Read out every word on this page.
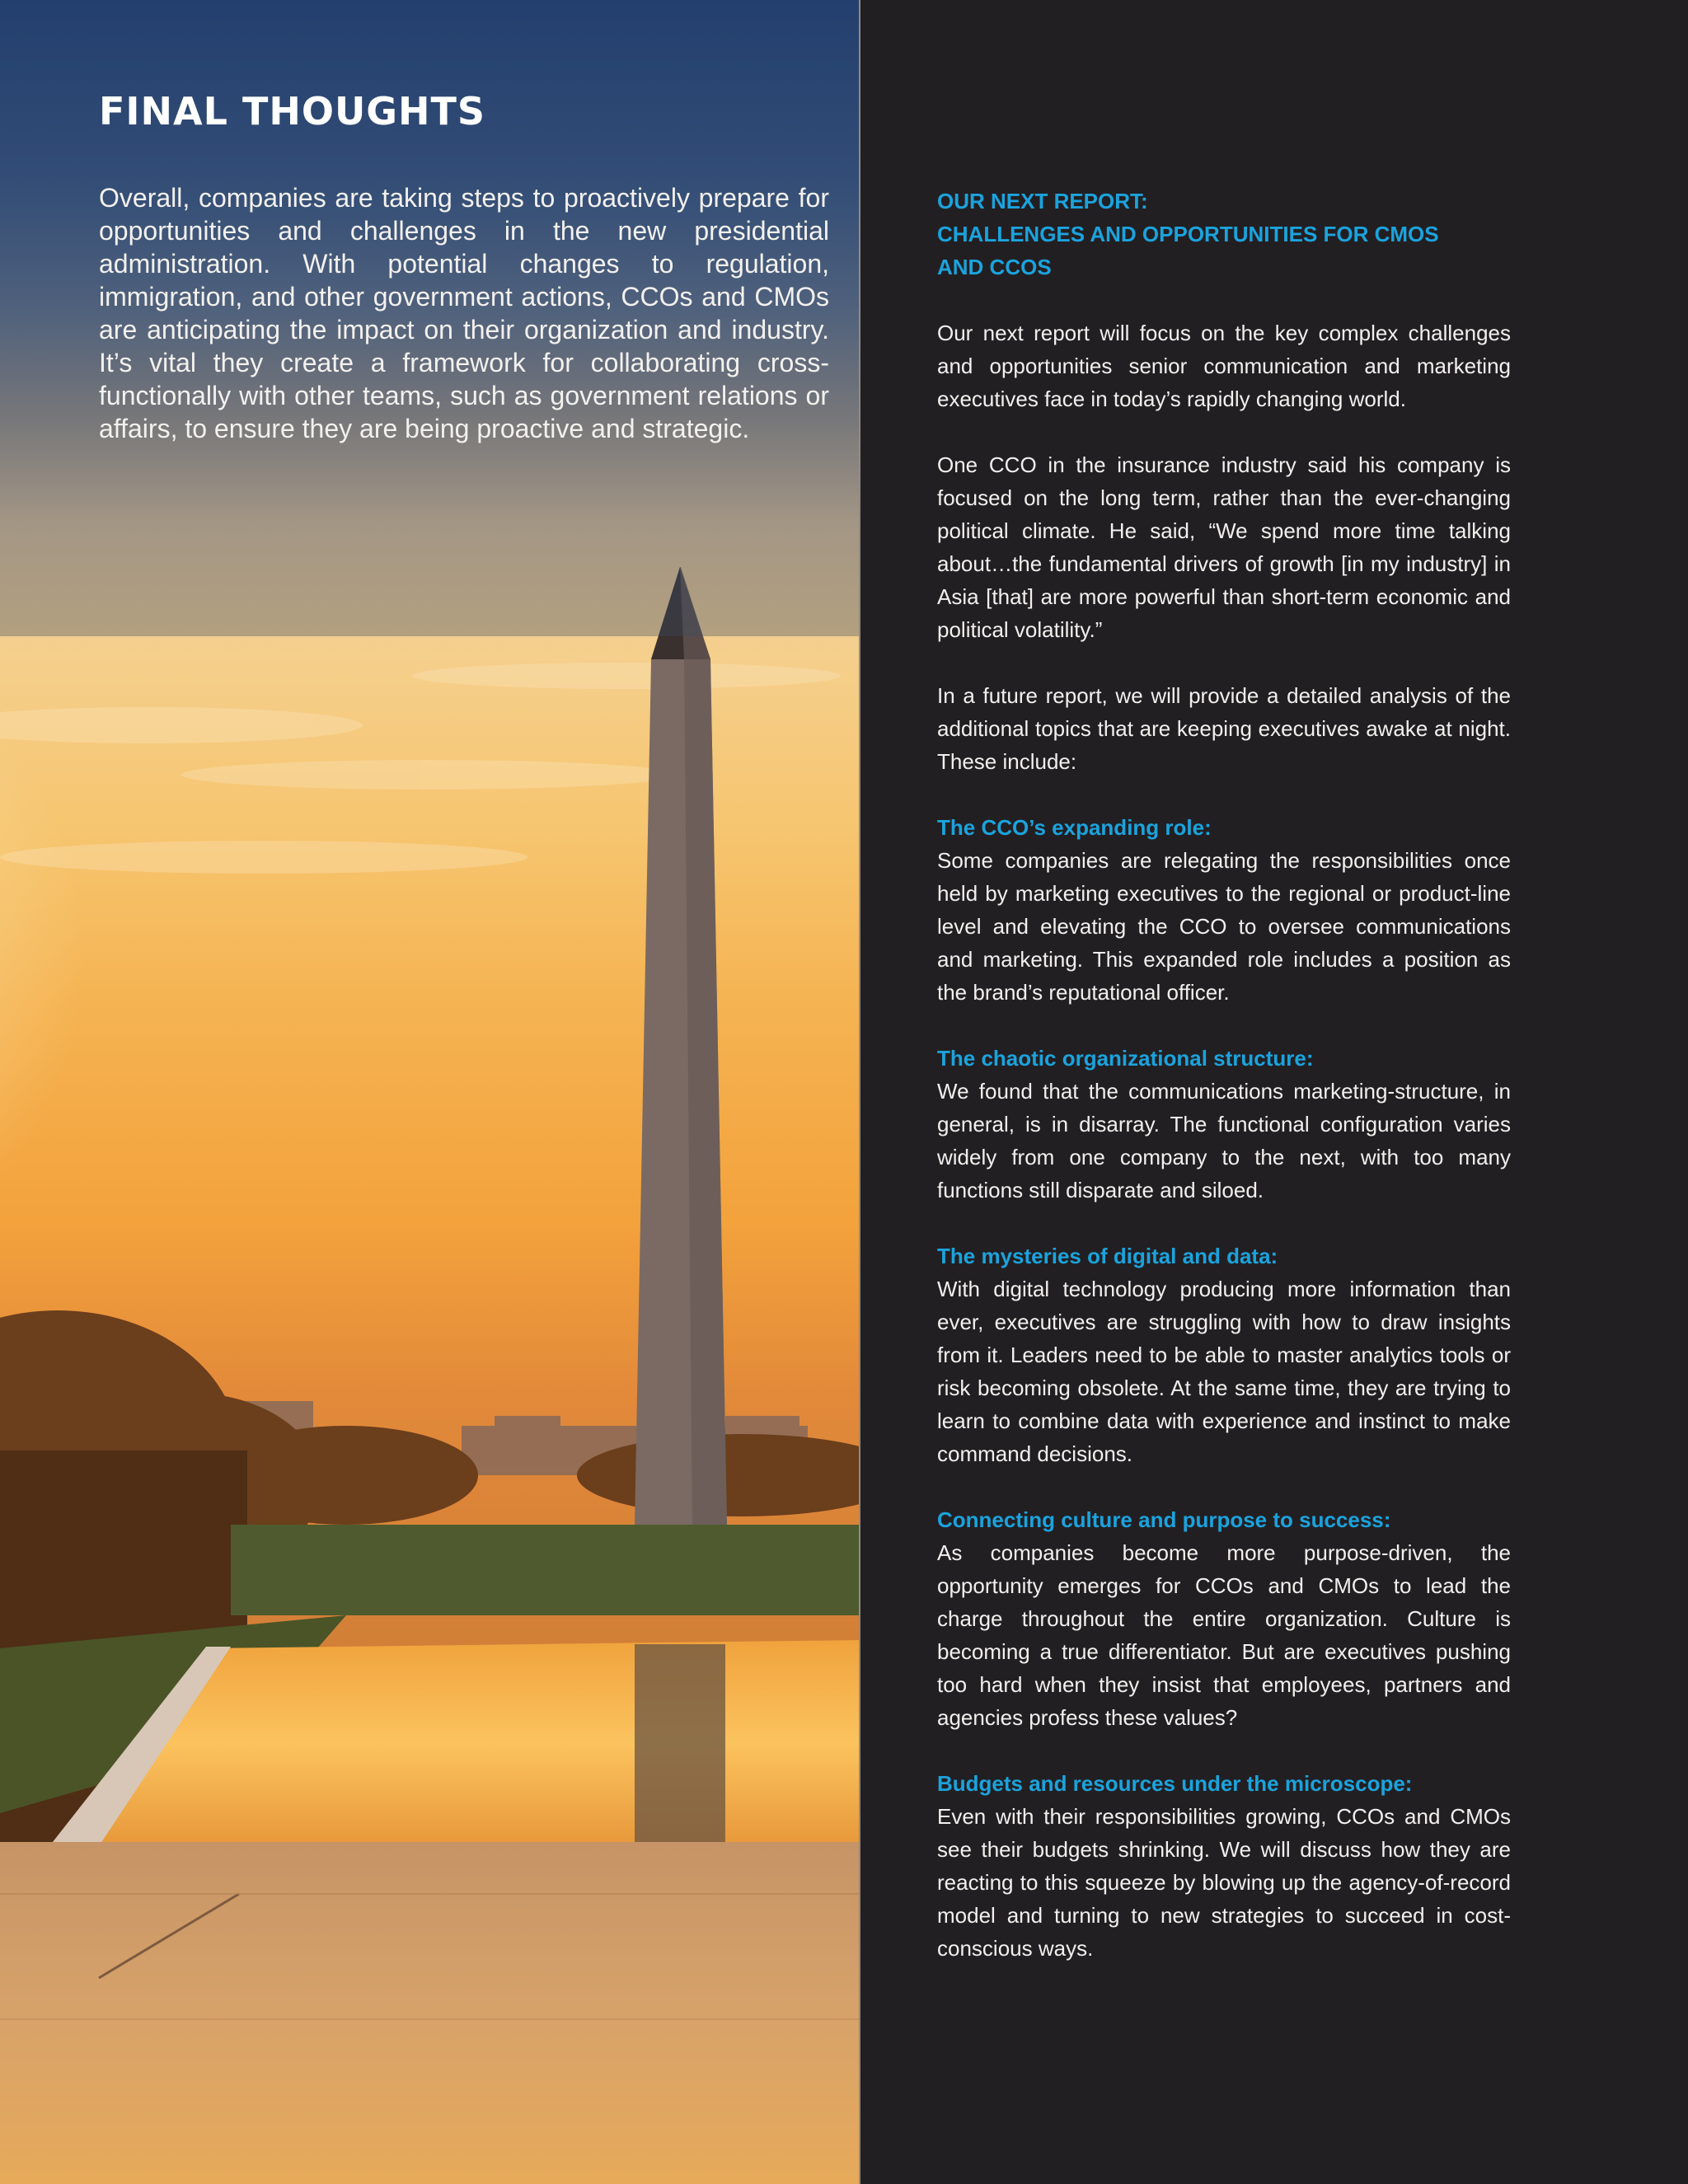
FINAL THOUGHTS

Overall, companies are taking steps to proactively prepare for opportunities and challenges in the new presidential administration. With potential changes to regulation, immigration, and other government actions, CCOs and CMOs are anticipating the impact on their organization and industry. It’s vital they create a framework for collaborating cross-functionally with other teams, such as government relations or affairs, to ensure they are being proactive and strategic.

OUR NEXT REPORT:
CHALLENGES AND OPPORTUNITIES FOR CMOS
AND CCOS

Our next report will focus on the key complex challenges and opportunities senior communication and marketing executives face in today’s rapidly changing world.

One CCO in the insurance industry said his company is focused on the long term, rather than the ever-changing political climate. He said, “We spend more time talking about…the fundamental drivers of growth [in my industry] in Asia [that] are more powerful than short-term economic and political volatility.”

In a future report, we will provide a detailed analysis of the additional topics that are keeping executives awake at night. These include:

The CCO’s expanding role:

Some companies are relegating the responsibilities once held by marketing executives to the regional or product-line level and elevating the CCO to oversee communications and marketing. This expanded role includes a position as the brand’s reputational officer.

The chaotic organizational structure:

We found that the communications marketing-structure, in general, is in disarray. The functional configuration varies widely from one company to the next, with too many functions still disparate and siloed.

The mysteries of digital and data:

With digital technology producing more information than ever, executives are struggling with how to draw insights from it. Leaders need to be able to master analytics tools or risk becoming obsolete. At the same time, they are trying to learn to combine data with experience and instinct to make command decisions.

Connecting culture and purpose to success:

As companies become more purpose-driven, the opportunity emerges for CCOs and CMOs to lead the charge throughout the entire organization. Culture is becoming a true differentiator. But are executives pushing too hard when they insist that employees, partners and agencies profess these values?

Budgets and resources under the microscope:

Even with their responsibilities growing, CCOs and CMOs see their budgets shrinking. We will discuss how they are reacting to this squeeze by blowing up the agency-of-record model and turning to new strategies to succeed in cost-conscious ways.
